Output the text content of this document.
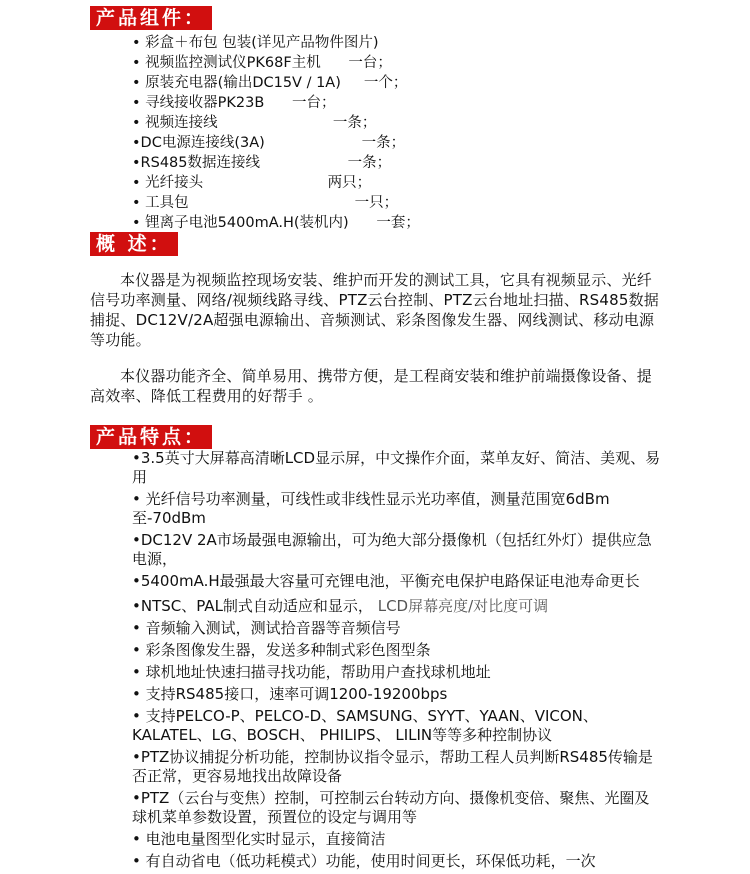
产品组件：
• 彩盒＋布包 包装(详见产品物件图片)
• 视频监控测试仪PK68F主机      一台；
• 原装充电器(输出DC15V / 1A)     一个；
• 寻线接收器PK23B      一台；
• 视频连接线                         一条；
•DC电源连接线(3A)                     一条；
•RS485数据连接线                   一条；
• 光纤接头                           两只；
• 工具包                                    一只；
• 锂离子电池5400mA.H(装机内)      一套；
概 述：

本仪器是为视频监控现场安装、维护而开发的测试工具，它具有视频显示、光纤信号功率测量、网络/视频线路寻线、PTZ云台控制、PTZ云台地址扫描、RS485数据捕捉、DC12V/2A超强电源输出、音频测试、彩条图像发生器、网线测试、移动电源等功能。

本仪器功能齐全、简单易用、携带方便，是工程商安装和维护前端摄像设备、提高效率、降低工程费用的好帮手 。

产品特点：
•3.5英寸大屏幕高清晰LCD显示屏，中文操作介面，菜单友好、简洁、美观、易用
• 光纤信号功率测量，可线性或非线性显示光功率值，测量范围宽6dBm至-70dBm
•DC12V 2A市场最强电源输出，可为绝大部分摄像机（包括红外灯）提供应急电源，
•5400mA.H最强最大容量可充锂电池，平衡充电保护电路保证电池寿命更长
•NTSC、PAL制式自动适应和显示， LCD屏幕亮度/对比度可调
• 音频输入测试，测试拾音器等音频信号
• 彩条图像发生器，发送多种制式彩色图型条
• 球机地址快速扫描寻找功能，帮助用户查找球机地址
• 支持RS485接口，速率可调1200-19200bps
• 支持PELCO-P、PELCO-D、SAMSUNG、SYYT、YAAN、VICON、 KALATEL、LG、BOSCH、 PHILIPS、 LILIN等等多种控制协议
•PTZ协议捕捉分析功能，控制协议指令显示，帮助工程人员判断RS485传输是否正常，更容易地找出故障设备
•PTZ（云台与变焦）控制，可控制云台转动方向、摄像机变倍、聚焦、光圈及球机菜单参数设置，预置位的设定与调用等
• 电池电量图型化实时显示，直接简洁
• 有自动省电（低功耗模式）功能，使用时间更长，环保低功耗，一次
